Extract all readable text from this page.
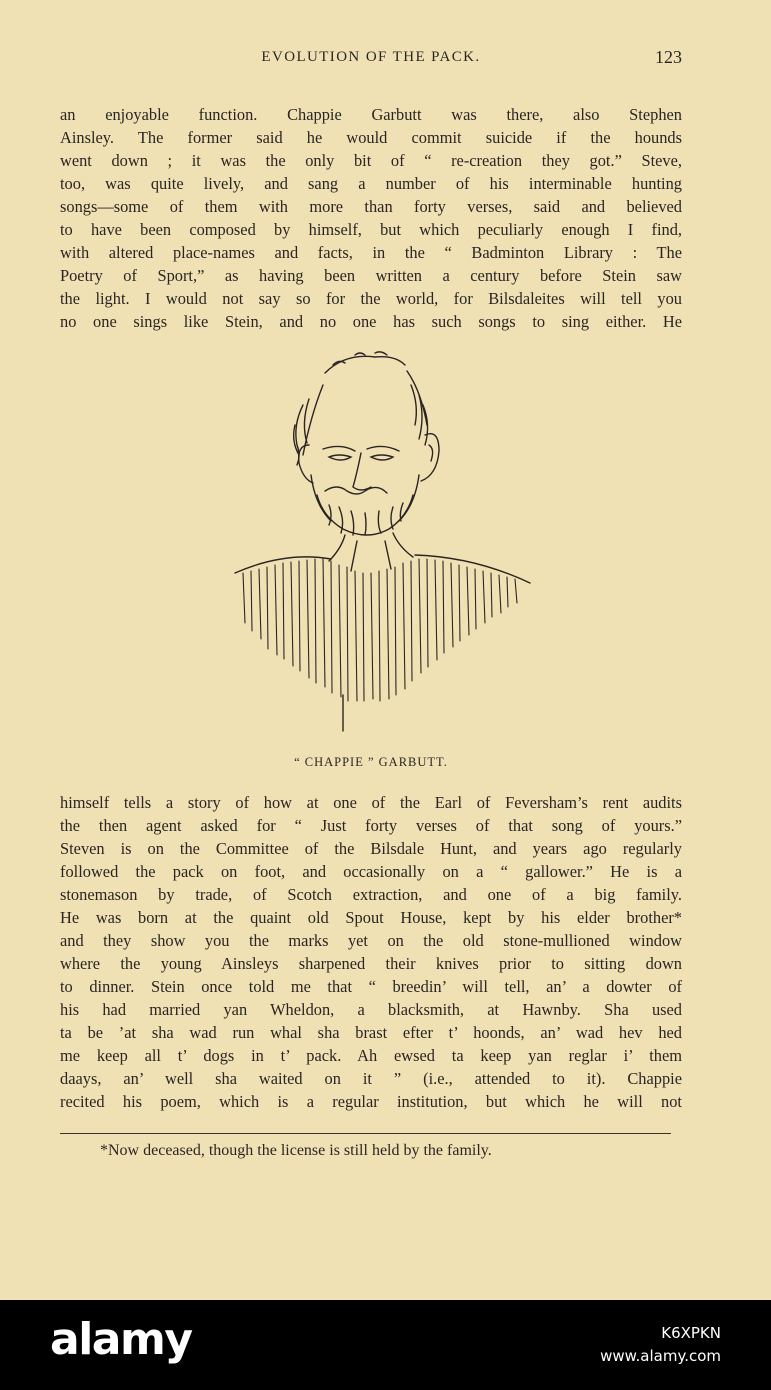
EVOLUTION OF THE PACK.	123
an enjoyable function. Chappie Garbutt was there, also Stephen
Ainsley. The former said he would commit suicide if the hounds
went down ; it was the only bit of “ re-creation they got.” Steve,
too, was quite lively, and sang a number of his interminable hunting
songs—some of them with more than forty verses, said and believed
to have been composed by himself, but which peculiarly enough I find,
with altered place-names and facts, in the “ Badminton Library : The
Poetry of Sport,” as having been written a century before Stein saw
the light. I would not say so for the world, for Bilsdaleites will tell you
no one sings like Stein, and no one has such songs to sing either. He
“ CHAPPIE ” GARBUTT.
himself tells a story of how at one of the Earl of Feversham’s rent audits
the then agent asked for “ Just forty verses of that song of yours.”
Steven is on the Committee of the Bilsdale Hunt, and years ago regularly
followed the pack on foot, and occasionally on a “ gallower.” He is a
stonemason by trade, of Scotch extraction, and one of a big family.
He was born at the quaint old Spout House, kept by his elder brother*
and they show you the marks yet on the old stone-mullioned window
where the young Ainsleys sharpened their knives prior to sitting down
to dinner. Stein once told me that “ breedin’ will tell, an’ a dowter of
his had married yan Wheldon, a blacksmith, at Hawnby. Sha used
ta be ’at sha wad run whal sha brast efter t’ hoonds, an’ wad hev hed
me keep all t’ dogs in t’ pack. Ah ewsed ta keep yan reglar i’ them
daays, an’ well sha waited on it ” (i.e., attended to it). Chappie
recited his poem, which is a regular institution, but which he will not
*Now deceased, though the license is still held by the family.
alamy	K6XPKN
www.alamy.com
